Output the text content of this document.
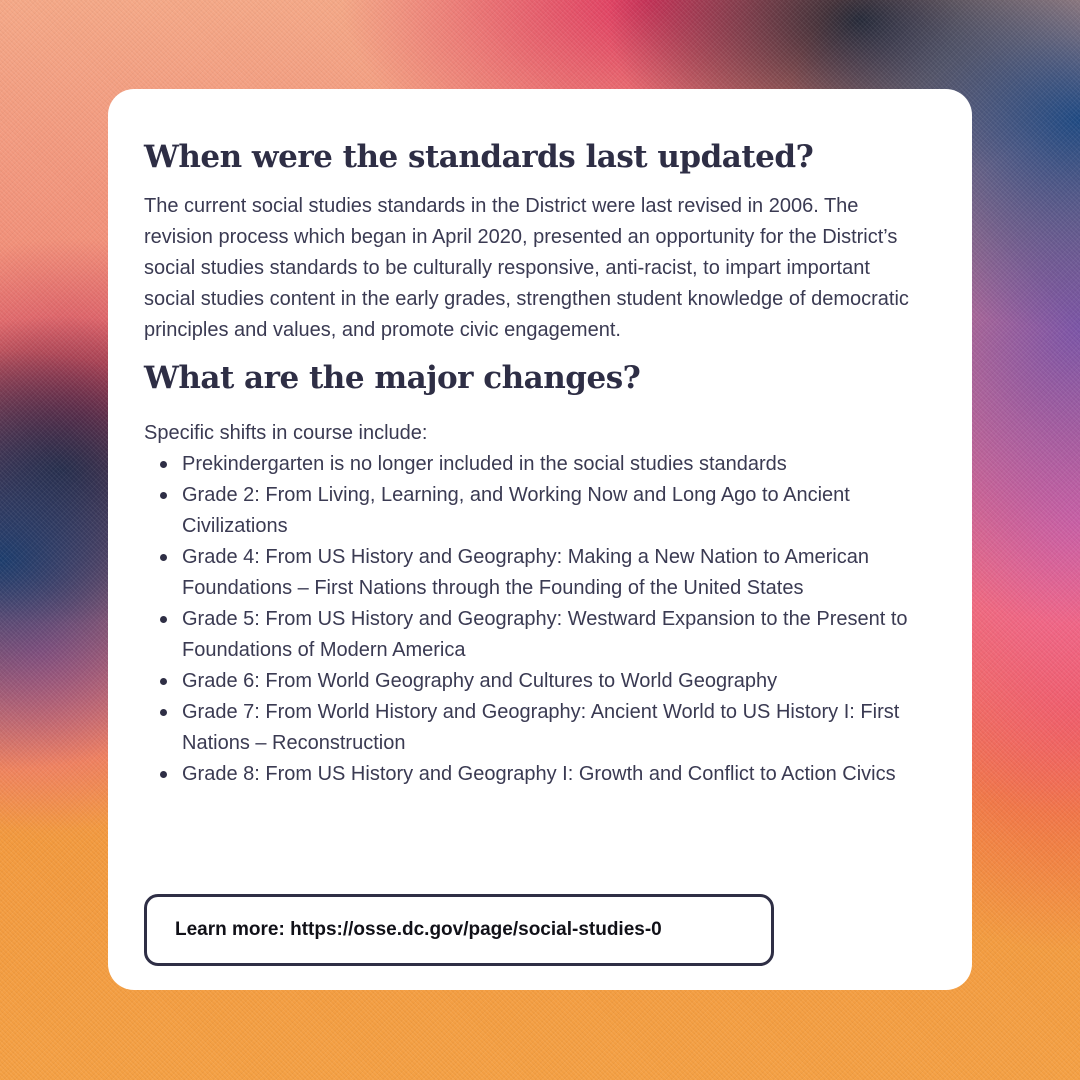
When were the standards last updated?

The current social studies standards in the District were last revised in 2006. The revision process which began in April 2020, presented an opportunity for the District’s social studies standards to be culturally responsive, anti-racist, to impart important social studies content in the early grades, strengthen student knowledge of democratic principles and values, and promote civic engagement.

What are the major changes?

Specific shifts in course include:

Prekindergarten is no longer included in the social studies standards
Grade 2: From Living, Learning, and Working Now and Long Ago to Ancient Civilizations
Grade 4: From US History and Geography: Making a New Nation to American Foundations – First Nations through the Founding of the United States
Grade 5: From US History and Geography: Westward Expansion to the Present to Foundations of Modern America
Grade 6: From World Geography and Cultures to World Geography
Grade 7: From World History and Geography: Ancient World to US History I: First Nations – Reconstruction
Grade 8: From US History and Geography I: Growth and Conflict to Action Civics
Learn more: https://osse.dc.gov/page/social-studies-0
